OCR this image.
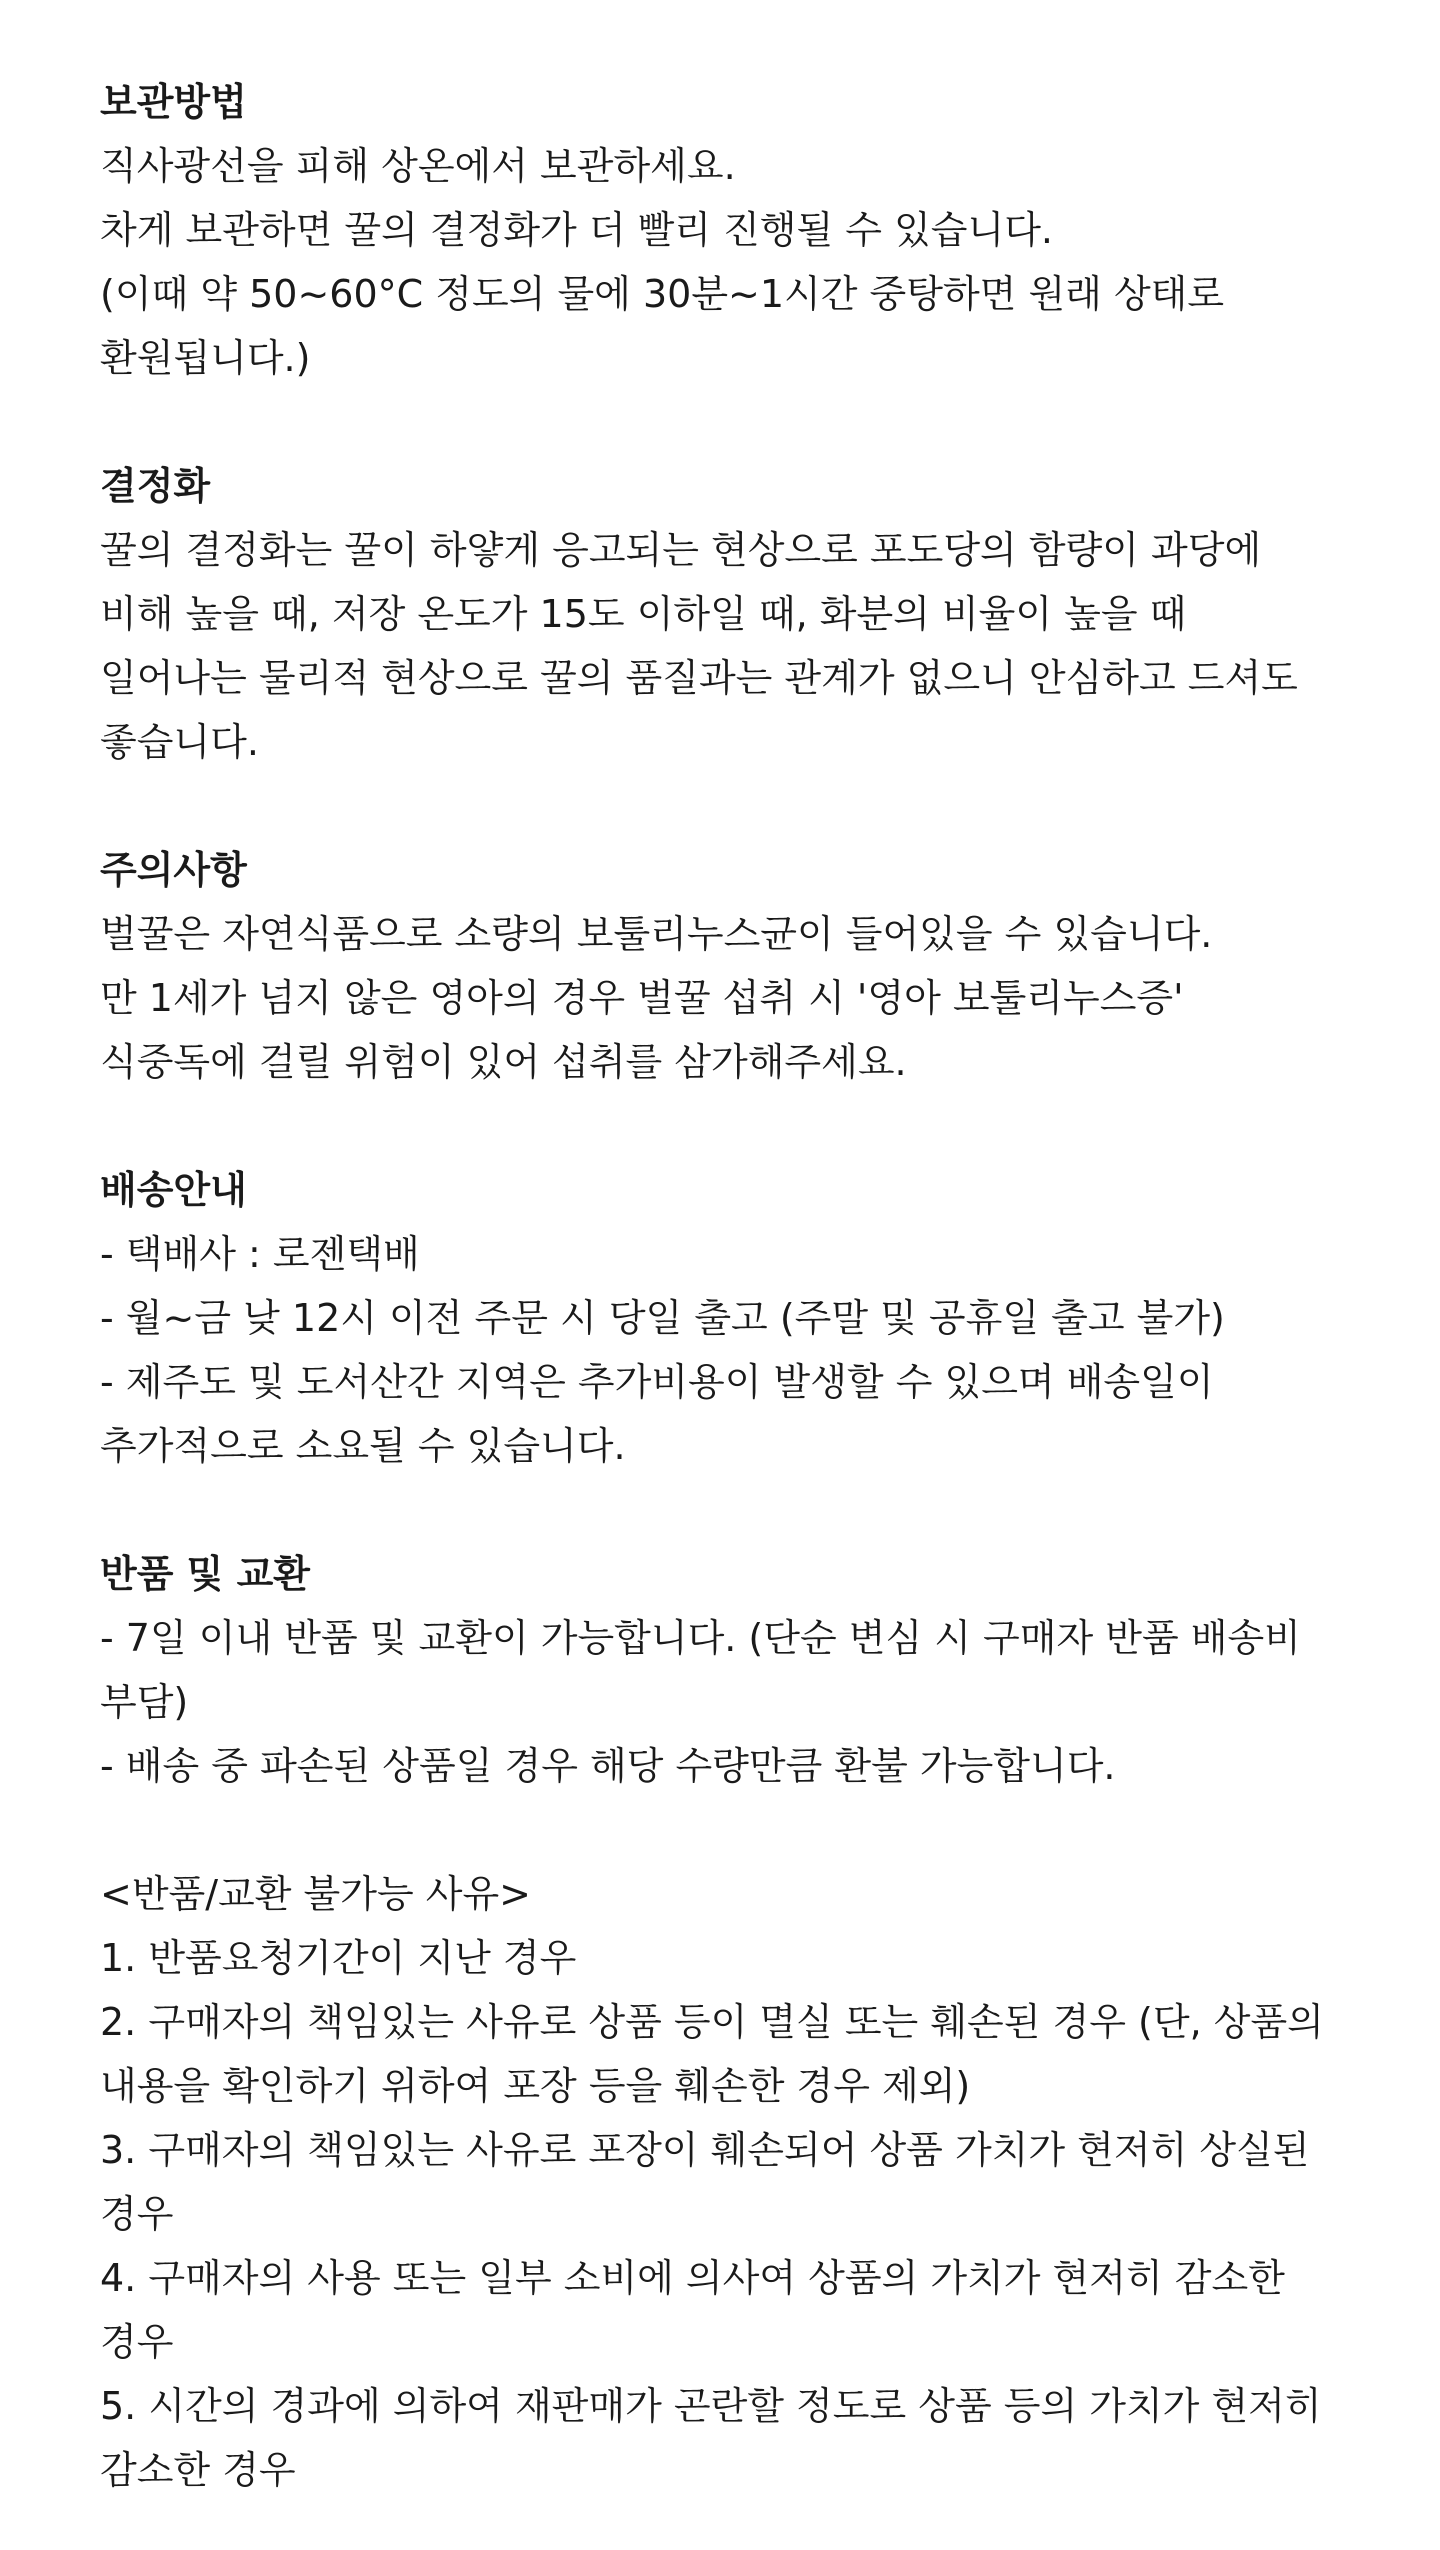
보관방법
직사광선을 피해 상온에서 보관하세요.
차게 보관하면 꿀의 결정화가 더 빨리 진행될 수 있습니다.
(이때 약 50~60°C 정도의 물에 30분~1시간 중탕하면 원래 상태로
환원됩니다.)
결정화
꿀의 결정화는 꿀이 하얗게 응고되는 현상으로 포도당의 함량이 과당에
비해 높을 때, 저장 온도가 15도 이하일 때, 화분의 비율이 높을 때
일어나는 물리적 현상으로 꿀의 품질과는 관계가 없으니 안심하고 드셔도
좋습니다.
주의사항
벌꿀은 자연식품으로 소량의 보툴리누스균이 들어있을 수 있습니다.
만 1세가 넘지 않은 영아의 경우 벌꿀 섭취 시 '영아 보툴리누스증'
식중독에 걸릴 위험이 있어 섭취를 삼가해주세요.
배송안내
- 택배사 : 로젠택배
- 월~금 낮 12시 이전 주문 시 당일 출고 (주말 및 공휴일 출고 불가)
- 제주도 및 도서산간 지역은 추가비용이 발생할 수 있으며 배송일이
추가적으로 소요될 수 있습니다.
반품 및 교환
- 7일 이내 반품 및 교환이 가능합니다. (단순 변심 시 구매자 반품 배송비
부담)
- 배송 중 파손된 상품일 경우 해당 수량만큼 환불 가능합니다.
<반품/교환 불가능 사유>
1. 반품요청기간이 지난 경우
2. 구매자의 책임있는 사유로 상품 등이 멸실 또는 훼손된 경우 (단, 상품의
내용을 확인하기 위하여 포장 등을 훼손한 경우 제외)
3. 구매자의 책임있는 사유로 포장이 훼손되어 상품 가치가 현저히 상실된
경우
4. 구매자의 사용 또는 일부 소비에 의사여 상품의 가치가 현저히 감소한
경우
5. 시간의 경과에 의하여 재판매가 곤란할 정도로 상품 등의 가치가 현저히
감소한 경우
